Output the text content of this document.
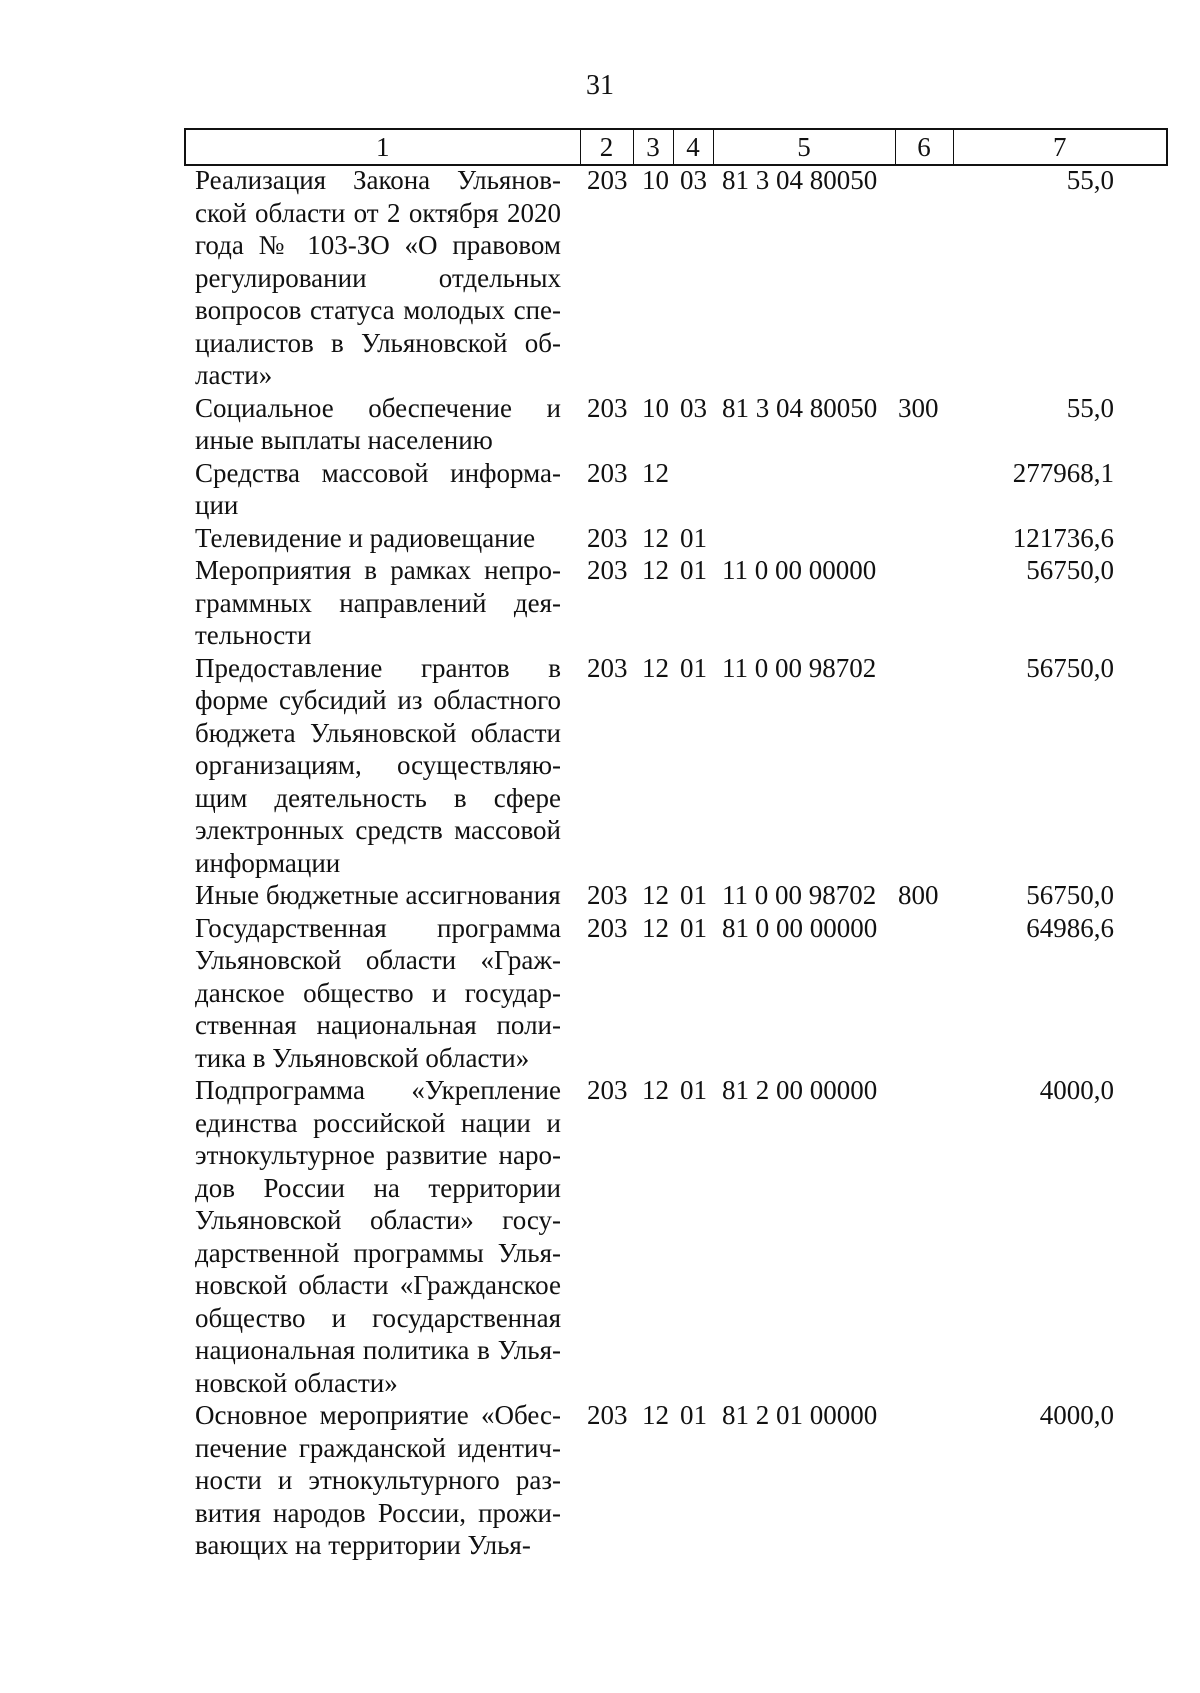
31
1	2	3	4	5	6	7
Реализация Закона Ульяновской области от 2 октября 2020 года № 103-ЗО «О правовом регулировании отдельных вопросов статуса молодых специалистов в Ульяновской области»	203	10	03	81 3 04 80050		55,0
Социальное обеспечение и иные выплаты населению	203	10	03	81 3 04 80050	300	55,0
Средства массовой информации	203	12				277968,1
Телевидение и радиовещание	203	12	01			121736,6
Мероприятия в рамках непрограммных направлений деятельности	203	12	01	11 0 00 00000		56750,0
Предоставление грантов в форме субсидий из областного бюджета Ульяновской области организациям, осуществляющим деятельность в сфере электронных средств массовой информации	203	12	01	11 0 00 98702		56750,0
Иные бюджетные ассигнования	203	12	01	11 0 00 98702	800	56750,0
Государственная программа Ульяновской области «Гражданское общество и государственная национальная политика в Ульяновской области»	203	12	01	81 0 00 00000		64986,6
Подпрограмма «Укрепление единства российской нации и этнокультурное развитие народов России на территории Ульяновской области» государственной программы Ульяновской области «Гражданское общество и государственная национальная политика в Ульяновской области»	203	12	01	81 2 00 00000		4000,0
Основное мероприятие «Обеспечение гражданской идентичности и этнокультурного развития народов России, проживающих на территории Улья-	203	12	01	81 2 01 00000		4000,0
